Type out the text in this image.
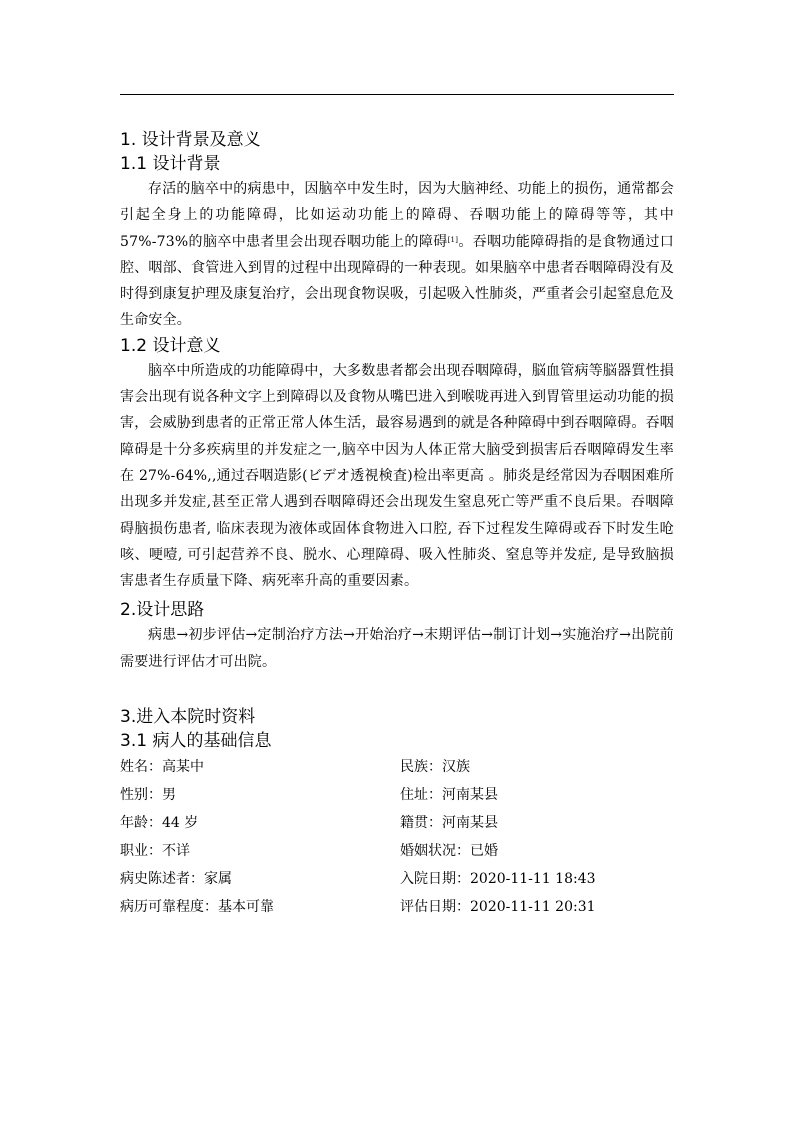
1. 设计背景及意义
1.1 设计背景

存活的脑卒中的病患中，因脑卒中发生时，因为大脑神经、功能上的损伤，通常都会引起全身上的功能障碍，比如运动功能上的障碍、吞咽功能上的障碍等等，其中 57%-73%的脑卒中患者里会出现吞咽功能上的障碍[1]。吞咽功能障碍指的是食物通过口腔、咽部、食管进入到胃的过程中出现障碍的一种表现。如果脑卒中患者吞咽障碍没有及时得到康复护理及康复治疗，会出现食物误吸，引起吸入性肺炎，严重者会引起窒息危及生命安全。

1.2 设计意义

脑卒中所造成的功能障碍中，大多数患者都会出现吞咽障碍，脳血管病等脳器質性損害会出现有说各种文字上到障碍以及食物从嘴巴进入到喉咙再进入到胃管里运动功能的损害，会威胁到患者的正常正常人体生活，最容易遇到的就是各种障碍中到吞咽障碍。吞咽障碍是十分多疾病里的并发症之一,脑卒中因为人体正常大脑受到损害后吞咽障碍发生率在 27%-64%,,通过吞咽造影(ビデオ透視検査)检出率更高 。肺炎是经常因为吞咽困难所出现多并发症,甚至正常人遇到吞咽障碍还会出现发生窒息死亡等严重不良后果。吞咽障碍脑损伤患者, 临床表现为液体或固体食物进入口腔, 吞下过程发生障碍或吞下时发生呛咳、哽噎, 可引起营养不良、脱水、心理障碍、吸入性肺炎、窒息等并发症, 是导致脑损害患者生存质量下降、病死率升高的重要因素。

2.设计思路

病患→初步评估→定制治疗方法→开始治疗→末期评估→制订计划→实施治疗→出院前需要进行评估才可出院。

3.进入本院时资料
3.1 病人的基础信息
姓名：高某中	民族：汉族
性别：男	住址：河南某县
年龄：44 岁	籍贯：河南某县
职业：不详	婚姻状况：已婚
病史陈述者：家属	入院日期：2020-11-11 18:43
病历可靠程度：基本可靠	评估日期：2020-11-11 20:31
